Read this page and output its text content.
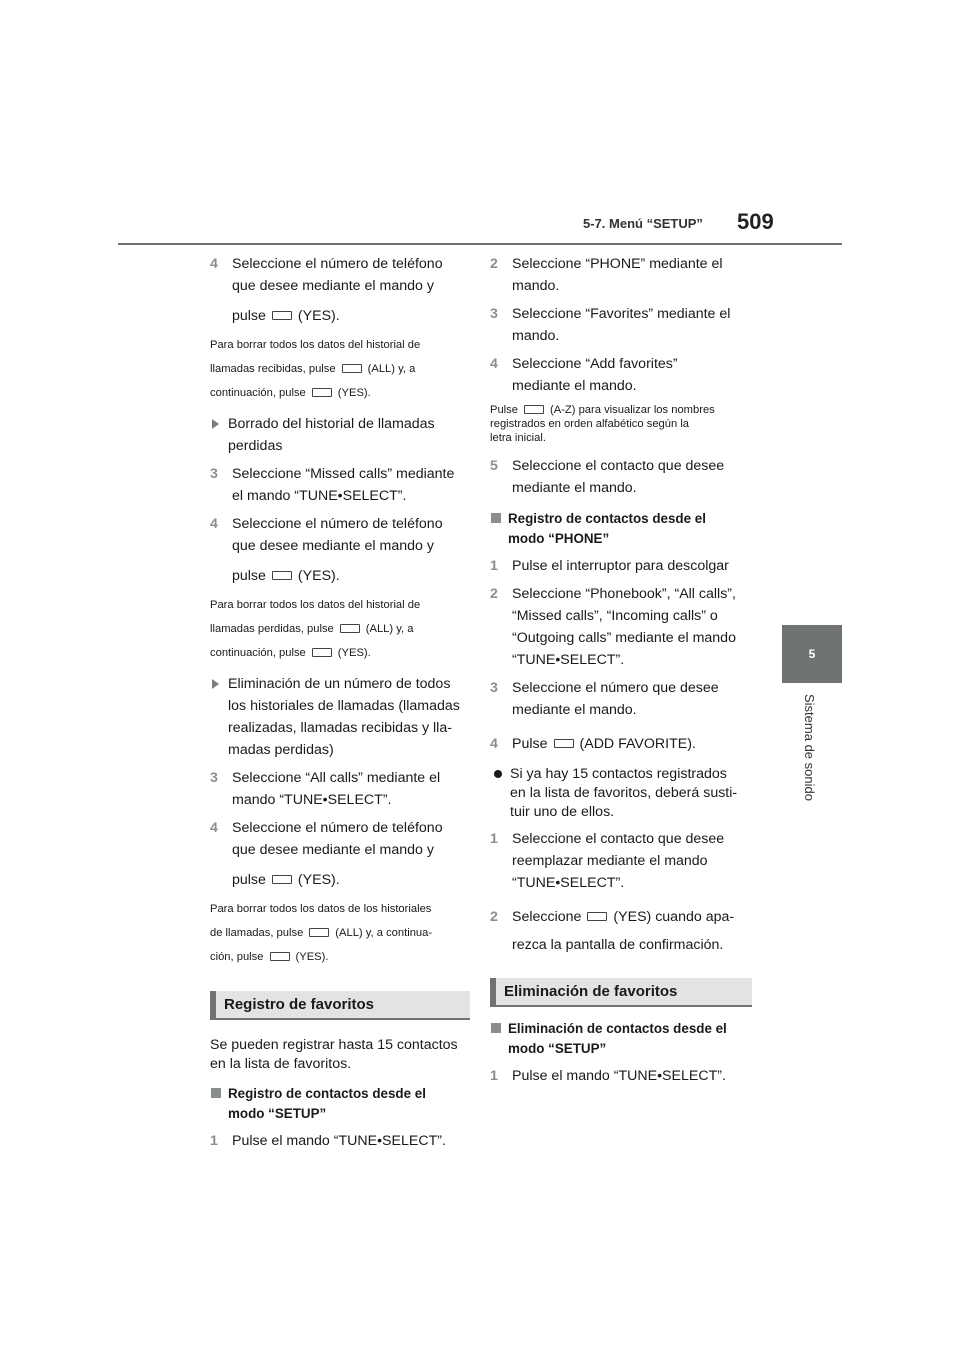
5-7. Menú “SETUP” 509
5
Sistema de sonido
4 Seleccione el número de teléfono
que desee mediante el mando y
pulse (YES).
Para borrar todos los datos del historial de
llamadas recibidas, pulse	(ALL) y, a
continuación, pulse	(YES).
Borrado del historial de llamadas
perdidas
3 Seleccione “Missed calls” mediante
el mando “TUNE•SELECT”.
4 Seleccione el número de teléfono
que desee mediante el mando y
pulse (YES).
Para borrar todos los datos del historial de
llamadas perdidas, pulse	(ALL) y, a
continuación, pulse	(YES).
Eliminación de un número de todos
los historiales de llamadas (llamadas
realizadas, llamadas recibidas y lla-
madas perdidas)
3 Seleccione “All calls” mediante el
mando “TUNE•SELECT”.
4 Seleccione el número de teléfono
que desee mediante el mando y
pulse (YES).
Para borrar todos los datos de los historiales
de llamadas, pulse	(ALL) y, a continua-
ción, pulse	(YES).
Registro de favoritos

Se pueden registrar hasta 15 contactos

en la lista de favoritos.

Registro de contactos desde el
modo “SETUP”
1 Pulse el mando “TUNE•SELECT”.
2 Seleccione “PHONE” mediante el
mando.
3 Seleccione “Favorites” mediante el
mando.
4 Seleccione “Add favorites”
mediante el mando.
Pulse	(A-Z) para visualizar los nombres
registrados en orden alfabético según la
letra inicial.
5 Seleccione el contacto que desee
mediante el mando.
Registro de contactos desde el
modo “PHONE”
1 Pulse el interruptor para descolgar
2 Seleccione “Phonebook”, “All calls”,
“Missed calls”, “Incoming calls” o
“Outgoing calls” mediante el mando
“TUNE•SELECT”.
3 Seleccione el número que desee
mediante el mando.
4 Pulse (ADD FAVORITE).
Si ya hay 15 contactos registrados
en la lista de favoritos, deberá susti-
tuir uno de ellos.
1 Seleccione el contacto que desee
reemplazar mediante el mando
“TUNE•SELECT”.
2 Seleccione (YES) cuando apa-
rezca la pantalla de confirmación.
Eliminación de favoritos
Eliminación de contactos desde el
modo “SETUP”
1 Pulse el mando “TUNE•SELECT”.
